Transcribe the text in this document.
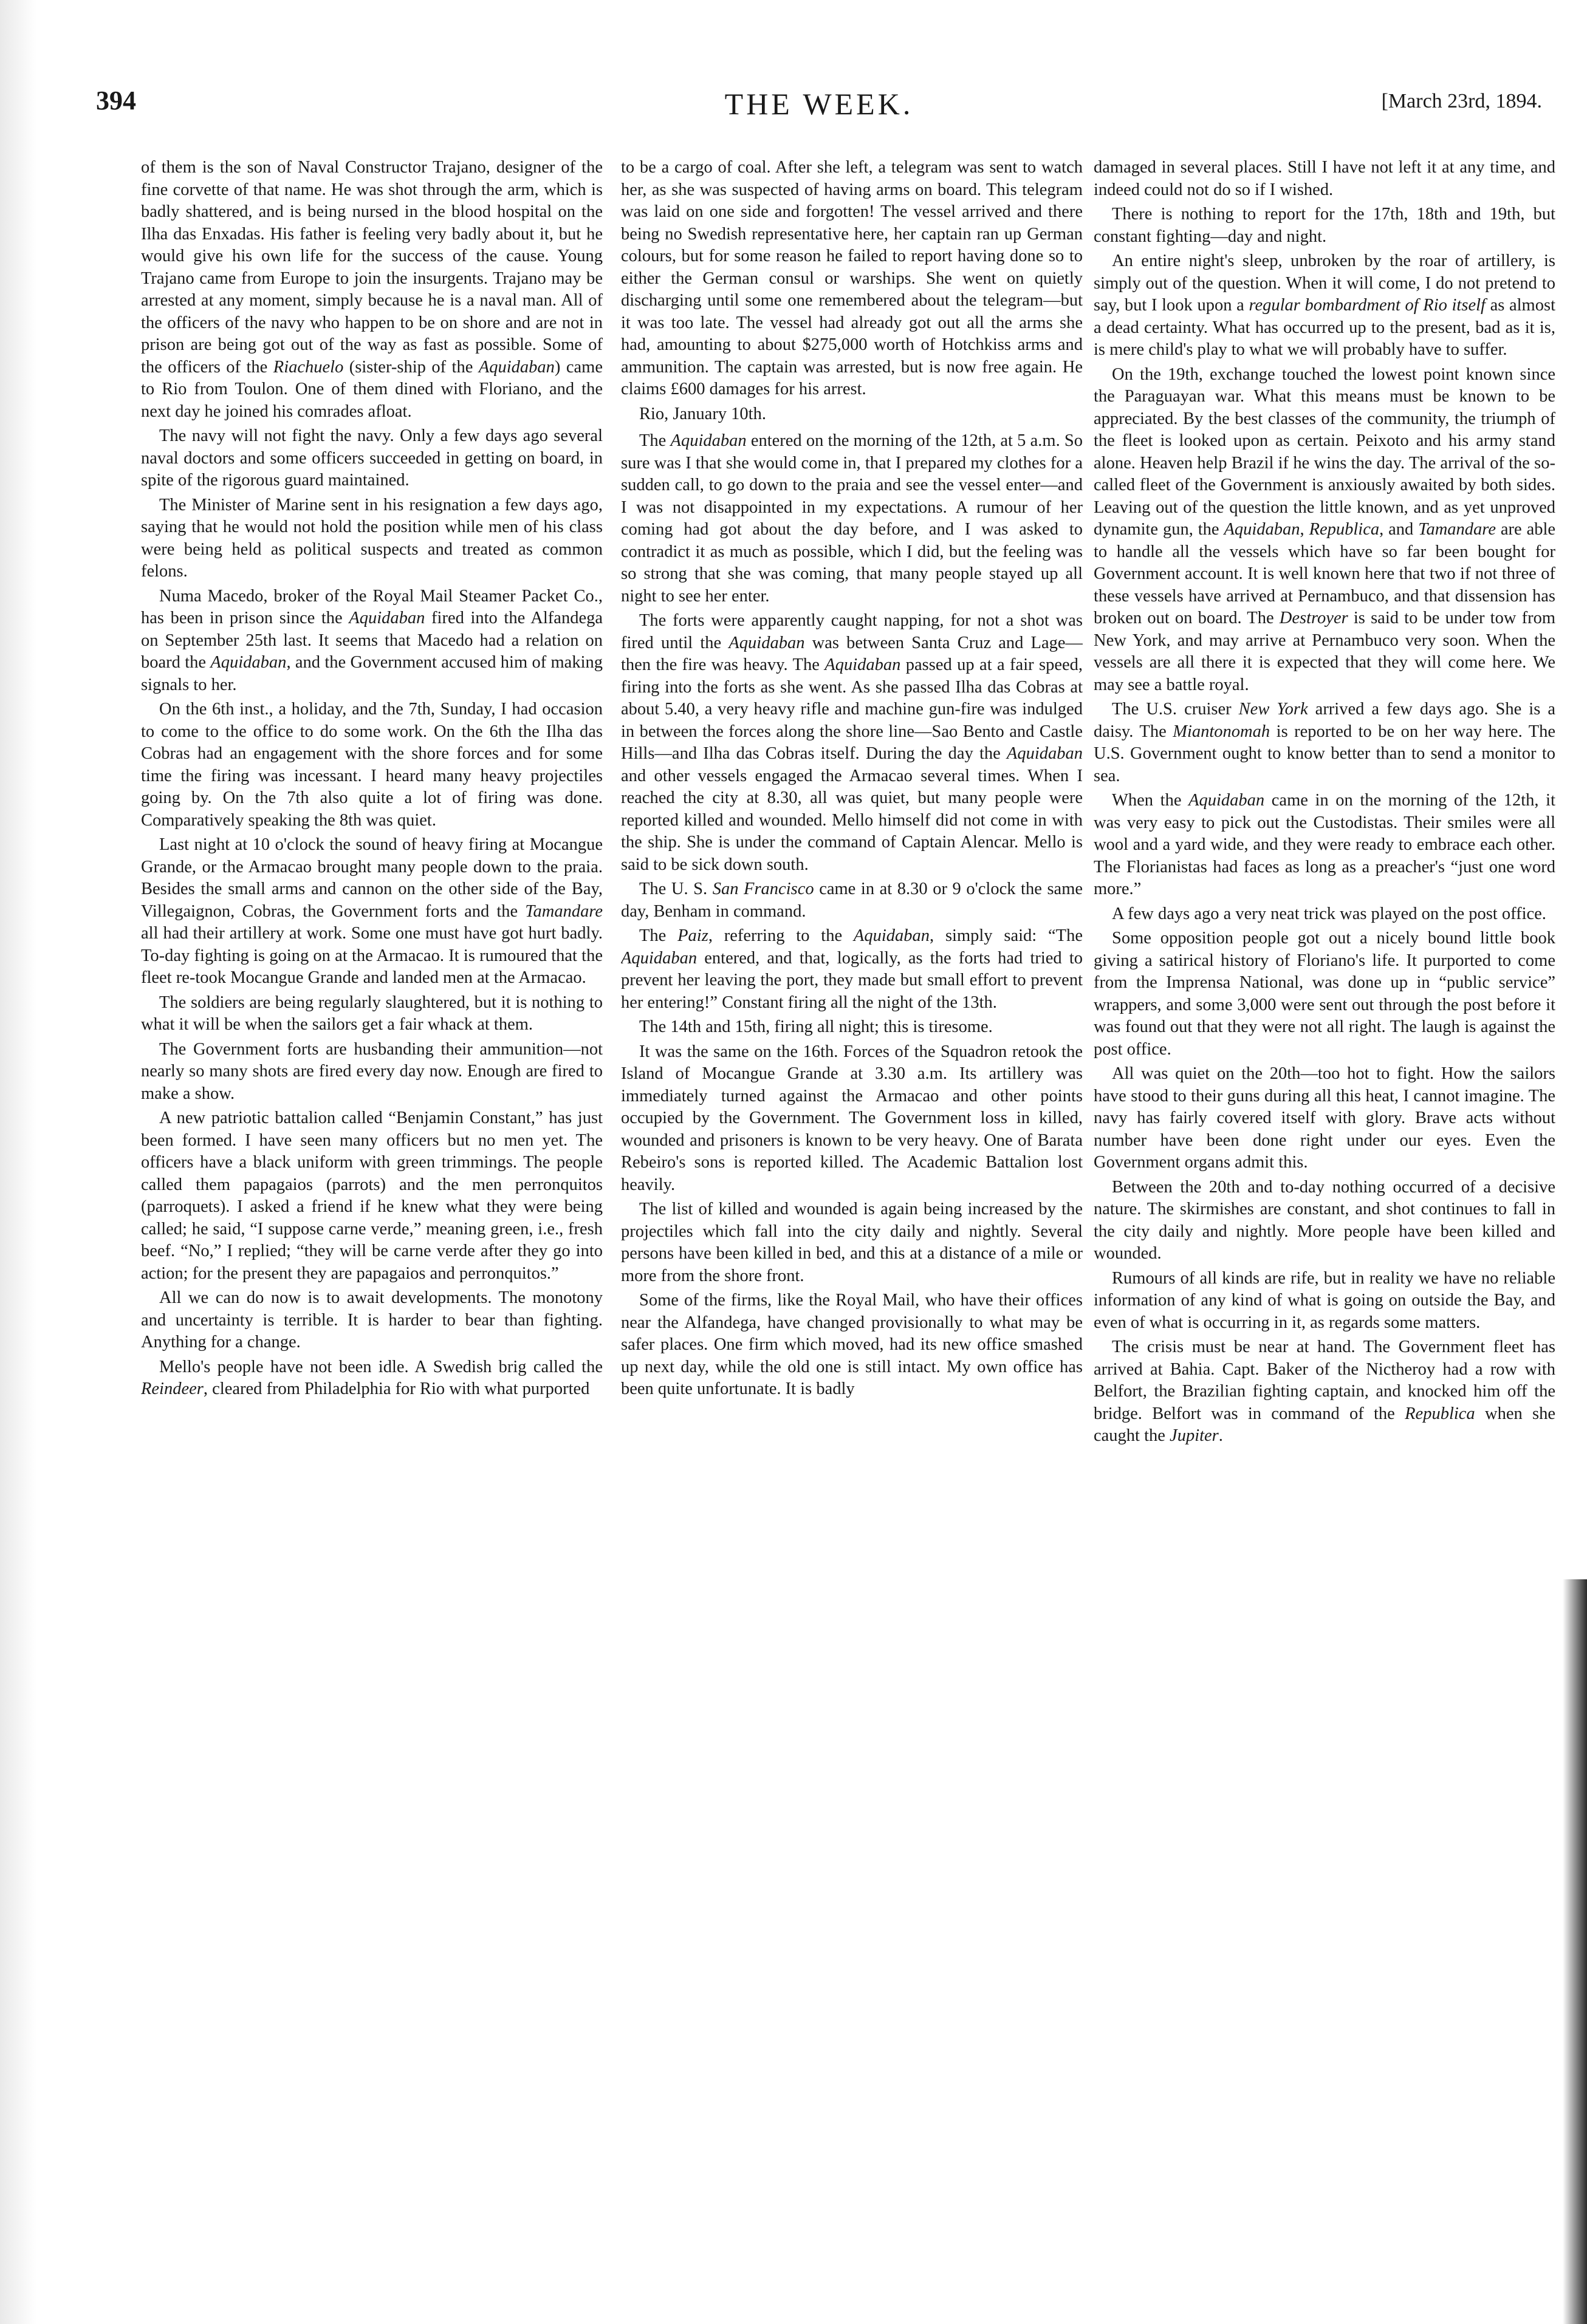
394	THE WEEK.	[March 23rd, 1894.

of them is the son of Naval Constructor Trajano, designer of the fine corvette of that name. He was shot through the arm, which is badly shattered, and is being nursed in the blood hospital on the Ilha das Enxadas. His father is feeling very badly about it, but he would give his own life for the success of the cause. Young Trajano came from Europe to join the insurgents. Trajano may be arrested at any moment, simply because he is a naval man. All of the officers of the navy who happen to be on shore and are not in prison are being got out of the way as fast as possible. Some of the officers of the Riachuelo (sister-ship of the Aquidaban) came to Rio from Toulon. One of them dined with Floriano, and the next day he joined his comrades afloat.

The navy will not fight the navy. Only a few days ago several naval doctors and some officers succeeded in getting on board, in spite of the rigorous guard maintained.

The Minister of Marine sent in his resignation a few days ago, saying that he would not hold the position while men of his class were being held as political suspects and treated as common felons.

Numa Macedo, broker of the Royal Mail Steamer Packet Co., has been in prison since the Aquidaban fired into the Alfandega on September 25th last. It seems that Macedo had a relation on board the Aquidaban, and the Government accused him of making signals to her.

On the 6th inst., a holiday, and the 7th, Sunday, I had occasion to come to the office to do some work. On the 6th the Ilha das Cobras had an engagement with the shore forces and for some time the firing was incessant. I heard many heavy projectiles going by. On the 7th also quite a lot of firing was done. Comparatively speaking the 8th was quiet.

Last night at 10 o'clock the sound of heavy firing at Mocangue Grande, or the Armacao brought many people down to the praia. Besides the small arms and cannon on the other side of the Bay, Villegaignon, Cobras, the Government forts and the Tamandare all had their artillery at work. Some one must have got hurt badly. To-day fighting is going on at the Armacao. It is rumoured that the fleet re-took Mocangue Grande and landed men at the Armacao.

The soldiers are being regularly slaughtered, but it is nothing to what it will be when the sailors get a fair whack at them.

The Government forts are husbanding their ammunition—not nearly so many shots are fired every day now. Enough are fired to make a show.

A new patriotic battalion called “Benjamin Constant,” has just been formed. I have seen many officers but no men yet. The officers have a black uniform with green trimmings. The people called them papagaios (parrots) and the men perronquitos (parroquets). I asked a friend if he knew what they were being called; he said, “I suppose carne verde,” meaning green, i.e., fresh beef. “No,” I replied; “they will be carne verde after they go into action; for the present they are papagaios and perronquitos.”

All we can do now is to await developments. The monotony and uncertainty is terrible. It is harder to bear than fighting. Anything for a change.

Mello's people have not been idle. A Swedish brig called the Reindeer, cleared from Philadelphia for Rio with what purported

to be a cargo of coal. After she left, a telegram was sent to watch her, as she was suspected of having arms on board. This telegram was laid on one side and forgotten! The vessel arrived and there being no Swedish representative here, her captain ran up German colours, but for some reason he failed to report having done so to either the German consul or warships. She went on quietly discharging until some one remembered about the telegram—but it was too late. The vessel had already got out all the arms she had, amounting to about $275,000 worth of Hotchkiss arms and ammunition. The captain was arrested, but is now free again. He claims £600 damages for his arrest.

Rio, January 10th.

The Aquidaban entered on the morning of the 12th, at 5 a.m. So sure was I that she would come in, that I prepared my clothes for a sudden call, to go down to the praia and see the vessel enter—and I was not disappointed in my expectations. A rumour of her coming had got about the day before, and I was asked to contradict it as much as possible, which I did, but the feeling was so strong that she was coming, that many people stayed up all night to see her enter.

The forts were apparently caught napping, for not a shot was fired until the Aquidaban was between Santa Cruz and Lage—then the fire was heavy. The Aquidaban passed up at a fair speed, firing into the forts as she went. As she passed Ilha das Cobras at about 5.40, a very heavy rifle and machine gun-fire was indulged in between the forces along the shore line—Sao Bento and Castle Hills—and Ilha das Cobras itself. During the day the Aquidaban and other vessels engaged the Armacao several times. When I reached the city at 8.30, all was quiet, but many people were reported killed and wounded. Mello himself did not come in with the ship. She is under the command of Captain Alencar. Mello is said to be sick down south.

The U. S. San Francisco came in at 8.30 or 9 o'clock the same day, Benham in command.

The Paiz, referring to the Aquidaban, simply said: “The Aquidaban entered, and that, logically, as the forts had tried to prevent her leaving the port, they made but small effort to prevent her entering!” Constant firing all the night of the 13th.

The 14th and 15th, firing all night; this is tiresome.

It was the same on the 16th. Forces of the Squadron retook the Island of Mocangue Grande at 3.30 a.m. Its artillery was immediately turned against the Armacao and other points occupied by the Government. The Government loss in killed, wounded and prisoners is known to be very heavy. One of Barata Rebeiro's sons is reported killed. The Academic Battalion lost heavily.

The list of killed and wounded is again being increased by the projectiles which fall into the city daily and nightly. Several persons have been killed in bed, and this at a distance of a mile or more from the shore front.

Some of the firms, like the Royal Mail, who have their offices near the Alfandega, have changed provisionally to what may be safer places. One firm which moved, had its new office smashed up next day, while the old one is still intact. My own office has been quite unfortunate. It is badly

damaged in several places. Still I have not left it at any time, and indeed could not do so if I wished.

There is nothing to report for the 17th, 18th and 19th, but constant fighting—day and night.

An entire night's sleep, unbroken by the roar of artillery, is simply out of the question. When it will come, I do not pretend to say, but I look upon a regular bombardment of Rio itself as almost a dead certainty. What has occurred up to the present, bad as it is, is mere child's play to what we will probably have to suffer.

On the 19th, exchange touched the lowest point known since the Paraguayan war. What this means must be known to be appreciated. By the best classes of the community, the triumph of the fleet is looked upon as certain. Peixoto and his army stand alone. Heaven help Brazil if he wins the day. The arrival of the so-called fleet of the Government is anxiously awaited by both sides. Leaving out of the question the little known, and as yet unproved dynamite gun, the Aquidaban, Republica, and Tamandare are able to handle all the vessels which have so far been bought for Government account. It is well known here that two if not three of these vessels have arrived at Pernambuco, and that dissension has broken out on board. The Destroyer is said to be under tow from New York, and may arrive at Pernambuco very soon. When the vessels are all there it is expected that they will come here. We may see a battle royal.

The U.S. cruiser New York arrived a few days ago. She is a daisy. The Miantonomah is reported to be on her way here. The U.S. Government ought to know better than to send a monitor to sea.

When the Aquidaban came in on the morning of the 12th, it was very easy to pick out the Custodistas. Their smiles were all wool and a yard wide, and they were ready to embrace each other. The Florianistas had faces as long as a preacher's “just one word more.”

A few days ago a very neat trick was played on the post office.

Some opposition people got out a nicely bound little book giving a satirical history of Floriano's life. It purported to come from the Imprensa National, was done up in “public service” wrappers, and some 3,000 were sent out through the post before it was found out that they were not all right. The laugh is against the post office.

All was quiet on the 20th—too hot to fight. How the sailors have stood to their guns during all this heat, I cannot imagine. The navy has fairly covered itself with glory. Brave acts without number have been done right under our eyes. Even the Government organs admit this.

Between the 20th and to-day nothing occurred of a decisive nature. The skirmishes are constant, and shot continues to fall in the city daily and nightly. More people have been killed and wounded.

Rumours of all kinds are rife, but in reality we have no reliable information of any kind of what is going on outside the Bay, and even of what is occurring in it, as regards some matters.

The crisis must be near at hand. The Government fleet has arrived at Bahia. Capt. Baker of the Nictheroy had a row with Belfort, the Brazilian fighting captain, and knocked him off the bridge. Belfort was in command of the Republica when she caught the Jupiter.
